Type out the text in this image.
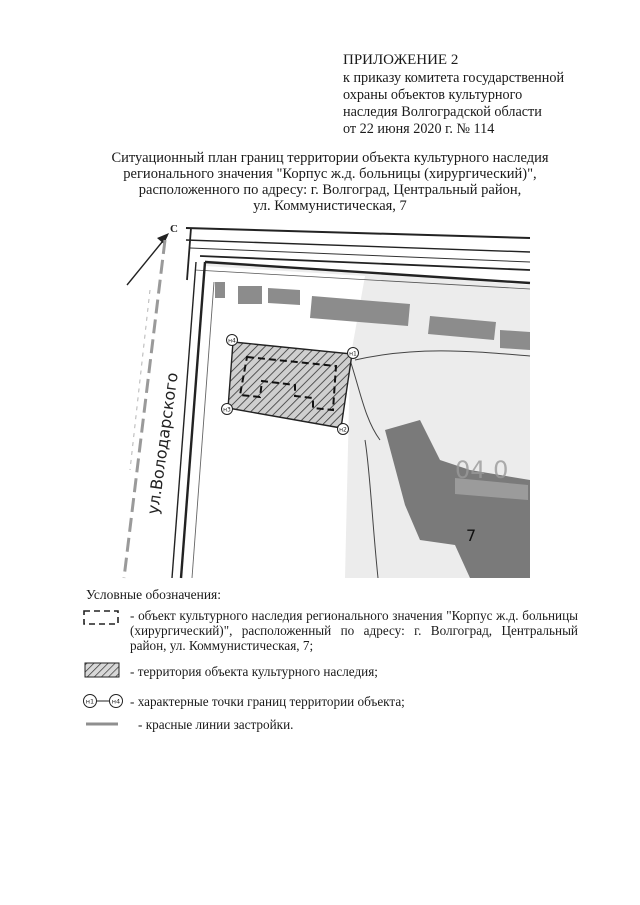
ПРИЛОЖЕНИЕ 2
к приказу комитета государственной
охраны объектов культурного
наследия Волгоградской области
от 22 июня 2020 г. № 114
Ситуационный план границ территории объекта культурного наследия
регионального значения "Корпус ж.д. больницы (хирургический)",
расположенного по адресу: г. Волгоград, Центральный район,
ул. Коммунистическая, 7
С
04 0
н4
н1
н3
н2
ул.Володарского
7
н1	н4
Условные обозначения:
- объект культурного наследия регионального значения "Корпус ж.д. больницы (хирургический)", расположенный по адресу: г. Волгоград, Центральный район, ул. Коммунистическая, 7;
- территория объекта культурного наследия;
- характерные точки границ территории объекта;
- красные линии застройки.
